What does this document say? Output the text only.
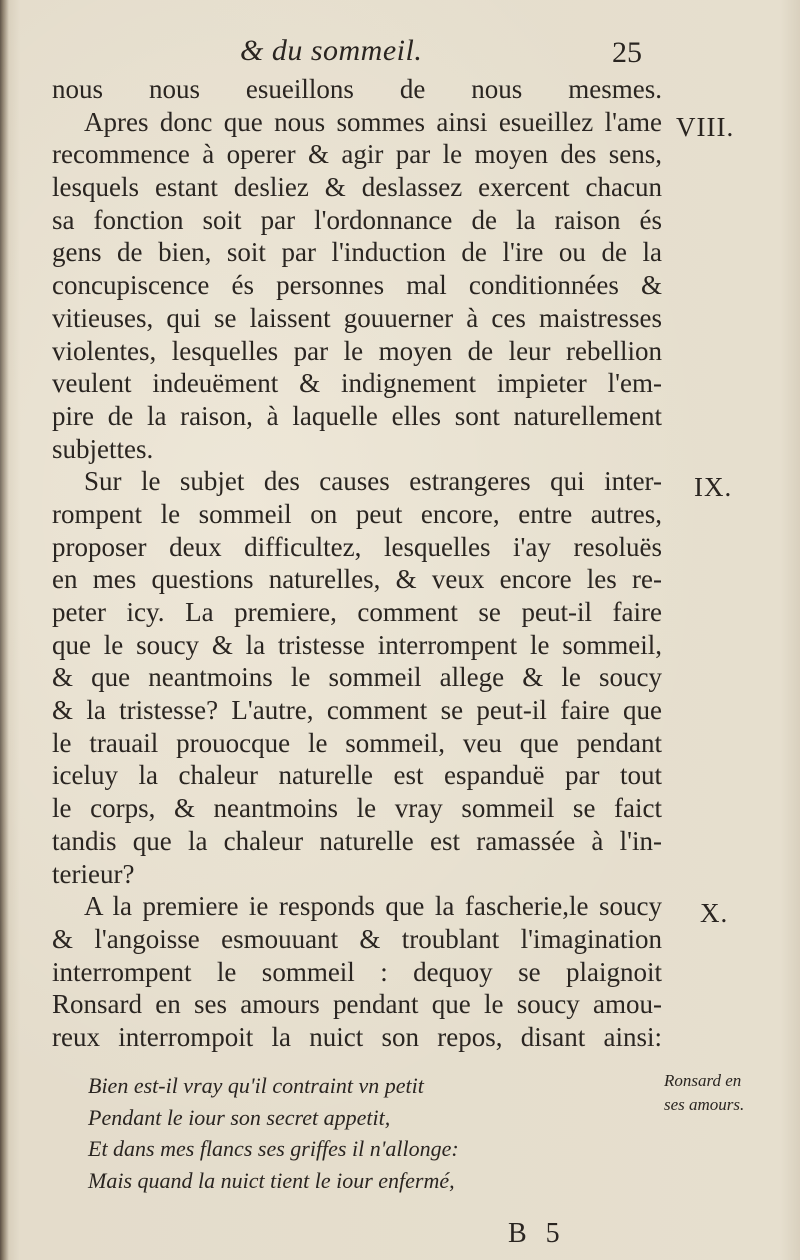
& du sommeil.	25
nous nous esueillons de nous mesmes.
Apres donc que nous sommes ainsi esueillez l'ame
recommence à operer & agir par le moyen des sens,
lesquels estant desliez & deslassez exercent chacun
sa fonction soit par l'ordonnance de la raison és
gens de bien, soit par l'induction de l'ire ou de la
concupiscence és personnes mal conditionnées &
vitieuses, qui se laissent gouuerner à ces maistresses
violentes, lesquelles par le moyen de leur rebellion
veulent indeuëment & indignement impieter l'em-
pire de la raison, à laquelle elles sont naturellement
subjettes.
Sur le subjet des causes estrangeres qui inter-
rompent le sommeil on peut encore, entre autres,
proposer deux difficultez, lesquelles i'ay resoluës
en mes questions naturelles, & veux encore les re-
peter icy. La premiere, comment se peut-il faire
que le soucy & la tristesse interrompent le sommeil,
& que neantmoins le sommeil allege & le soucy
& la tristesse? L'autre, comment se peut-il faire que
le trauail prouocque le sommeil, veu que pendant
iceluy la chaleur naturelle est espanduë par tout
le corps, & neantmoins le vray sommeil se faict
tandis que la chaleur naturelle est ramassée à l'in-
terieur?
A la premiere ie responds que la fascherie,le soucy
& l'angoisse esmouuant & troublant l'imagination
interrompent le sommeil : dequoy se plaignoit
Ronsard en ses amours pendant que le soucy amou-
reux interrompoit la nuict son repos, disant ainsi:
VIII.
IX.
X.
Ronsard en
ses amours.
Bien est-il vray qu'il contraint vn petit
Pendant le iour son secret appetit,
Et dans mes flancs ses griffes il n'allonge:
Mais quand la nuict tient le iour enfermé,
B 5
